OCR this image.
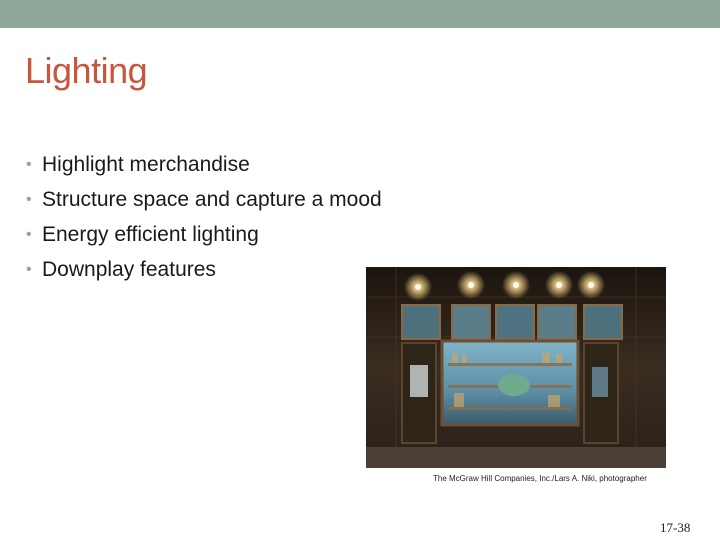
Lighting
• Highlight merchandise
• Structure space and capture a mood
• Energy efficient lighting
• Downplay features
The McGraw Hill Companies, Inc./Lars A. Niki, photographer
17-38
